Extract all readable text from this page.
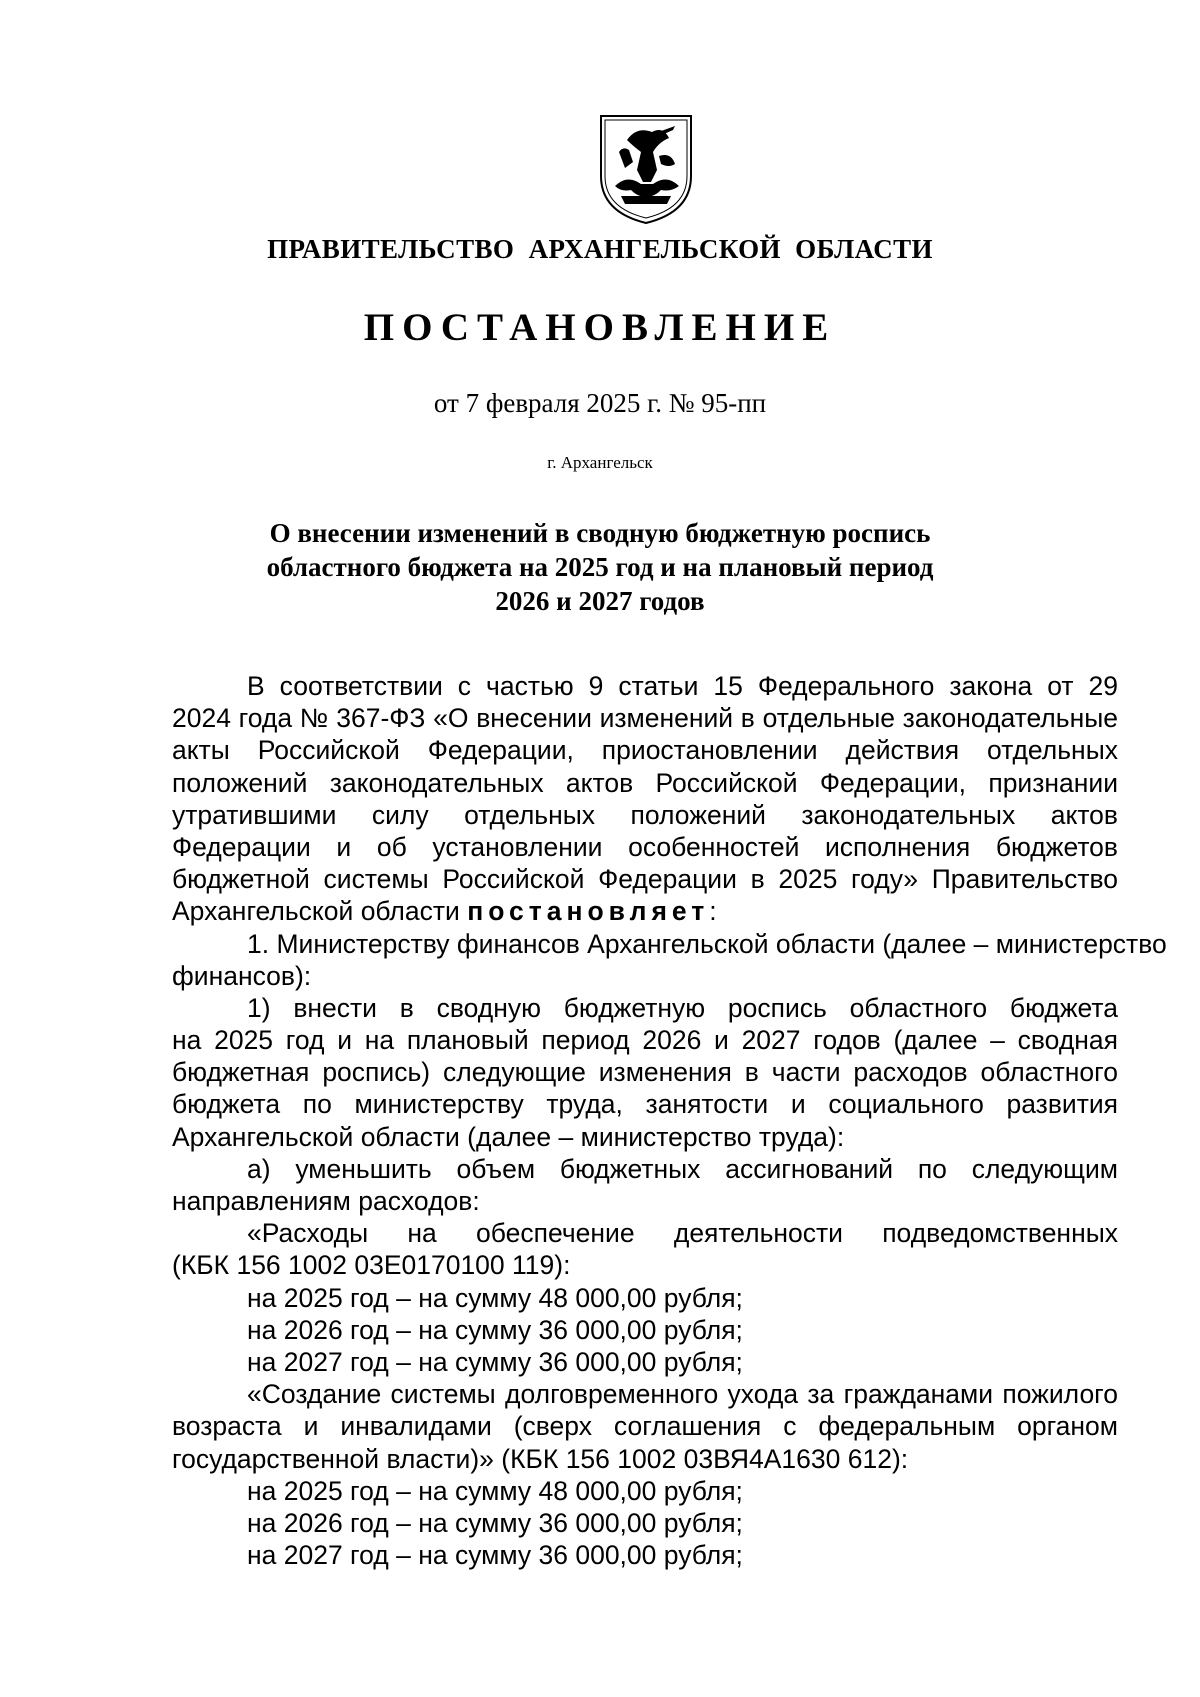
ПРАВИТЕЛЬСТВО  АРХАНГЕЛЬСКОЙ  ОБЛАСТИ
ПОСТАНОВЛЕНИЕ
от 7 февраля 2025 г. № 95-пп
г. Архангельск
О внесении изменений в сводную бюджетную роспись
областного бюджета на 2025 год и на плановый период
2026 и 2027 годов
В соответствии с частью 9 статьи 15 Федерального закона от 29
2024 года № 367-ФЗ «О внесении изменений в отдельные законодательные
акты Российской Федерации, приостановлении действия отдельных
положений законодательных актов Российской Федерации, признании
утратившими силу отдельных положений законодательных актов
Федерации и об установлении особенностей исполнения бюджетов
бюджетной системы Российской Федерации в 2025 году» Правительство
Архангельской области постановляет:
1. Министерству финансов Архангельской области (далее – министерство
финансов):
1) внести в сводную бюджетную роспись областного бюджета
на 2025 год и на плановый период 2026 и 2027 годов (далее – сводная
бюджетная роспись) следующие изменения в части расходов областного
бюджета по министерству труда, занятости и социального развития
Архангельской области (далее – министерство труда):
а) уменьшить объем бюджетных ассигнований по следующим
направлениям расходов:
«Расходы на обеспечение деятельности подведомственных
(КБК 156 1002 03Е0170100 119):
на 2025 год – на сумму 48 000,00 рубля;
на 2026 год – на сумму 36 000,00 рубля;
на 2027 год – на сумму 36 000,00 рубля;
«Создание системы долговременного ухода за гражданами пожилого
возраста и инвалидами (сверх соглашения с федеральным органом
государственной власти)» (КБК 156 1002 03ВЯ4А1630 612):
на 2025 год – на сумму 48 000,00 рубля;
на 2026 год – на сумму 36 000,00 рубля;
на 2027 год – на сумму 36 000,00 рубля;
